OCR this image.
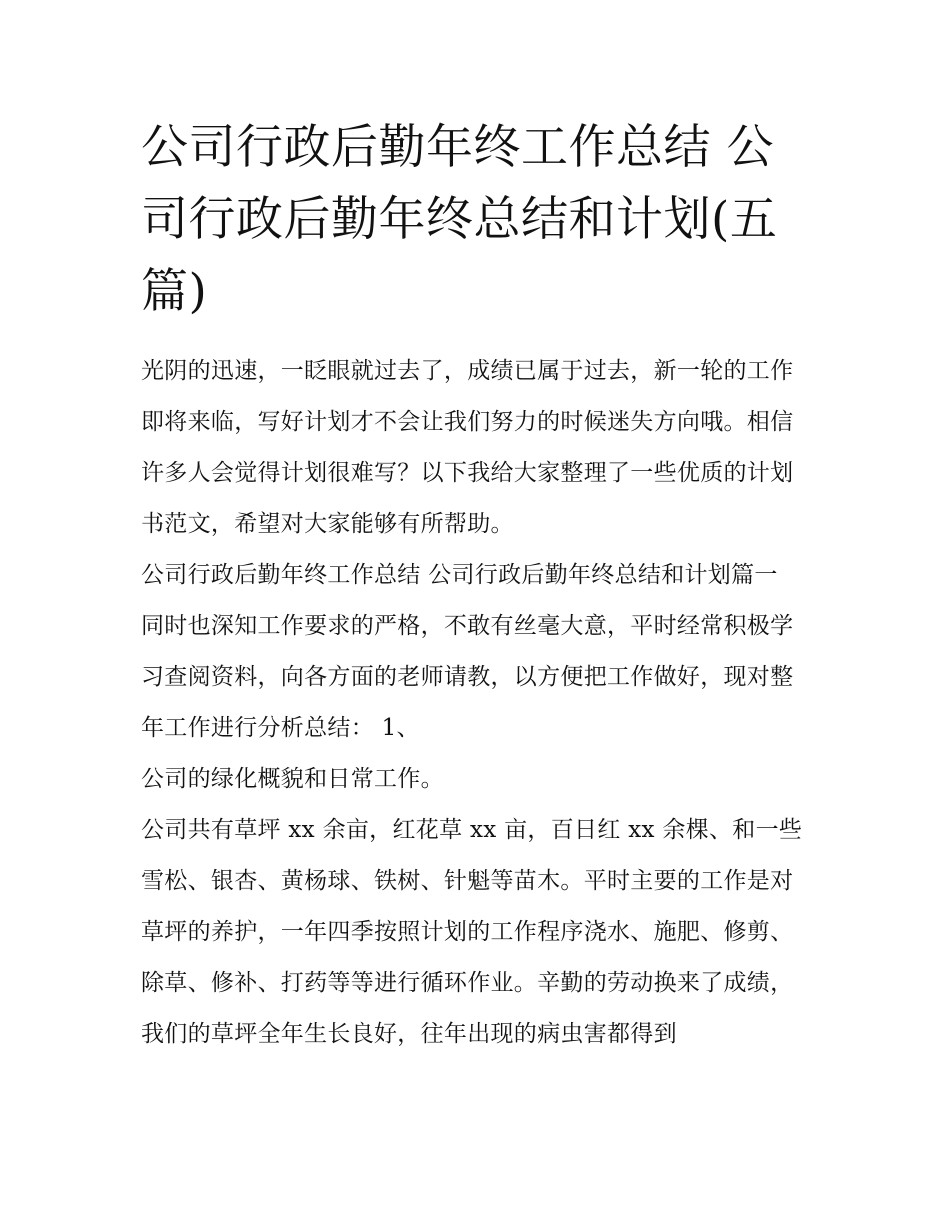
公司行政后勤年终工作总结 公司行政后勤年终总结和计划(五篇)

光阴的迅速，一眨眼就过去了，成绩已属于过去，新一轮的工作即将来临，写好计划才不会让我们努力的时候迷失方向哦。相信许多人会觉得计划很难写？以下我给大家整理了一些优质的计划书范文，希望对大家能够有所帮助。

公司行政后勤年终工作总结 公司行政后勤年终总结和计划篇一

同时也深知工作要求的严格，不敢有丝毫大意，平时经常积极学习查阅资料，向各方面的老师请教，以方便把工作做好，现对整年工作进行分析总结： 1、

公司的绿化概貌和日常工作。

公司共有草坪 xx 余亩，红花草 xx 亩，百日红 xx 余棵、和一些雪松、银杏、黄杨球、铁树、针魁等苗木。平时主要的工作是对草坪的养护，一年四季按照计划的工作程序浇水、施肥、修剪、除草、修补、打药等等进行循环作业。辛勤的劳动换来了成绩，我们的草坪全年生长良好，往年出现的病虫害都得到
